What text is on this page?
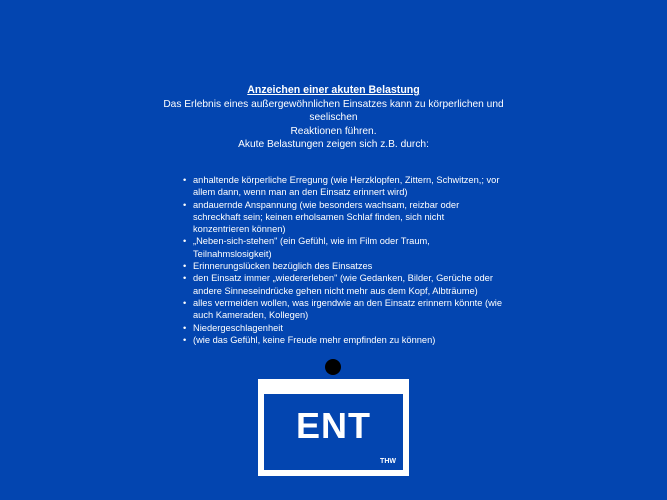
Anzeichen einer akuten Belastung
Das Erlebnis eines außergewöhnlichen Einsatzes kann zu körperlichen und seelischen
Reaktionen führen.
Akute Belastungen zeigen sich z.B. durch:
• anhaltende körperliche Erregung (wie Herzklopfen, Zittern, Schwitzen,; vor allem dann, wenn man an den Einsatz erinnert wird)
• andauernde Anspannung (wie besonders wachsam, reizbar oder schreckhaft sein; keinen erholsamen Schlaf finden, sich nicht konzentrieren können)
• „Neben-sich-stehen" (ein Gefühl, wie im Film oder Traum, Teilnahmslosigkeit)
• Erinnerungslücken bezüglich des Einsatzes
• den Einsatz immer „wiedererleben" (wie Gedanken, Bilder, Gerüche oder andere Sinneseindrücke gehen nicht mehr aus dem Kopf, Albträume)
• alles vermeiden wollen, was irgendwie an den Einsatz erinnern könnte (wie auch Kameraden, Kollegen)
• Niedergeschlagenheit
• (wie das Gefühl, keine Freude mehr empfinden zu können)
ENT
THW
